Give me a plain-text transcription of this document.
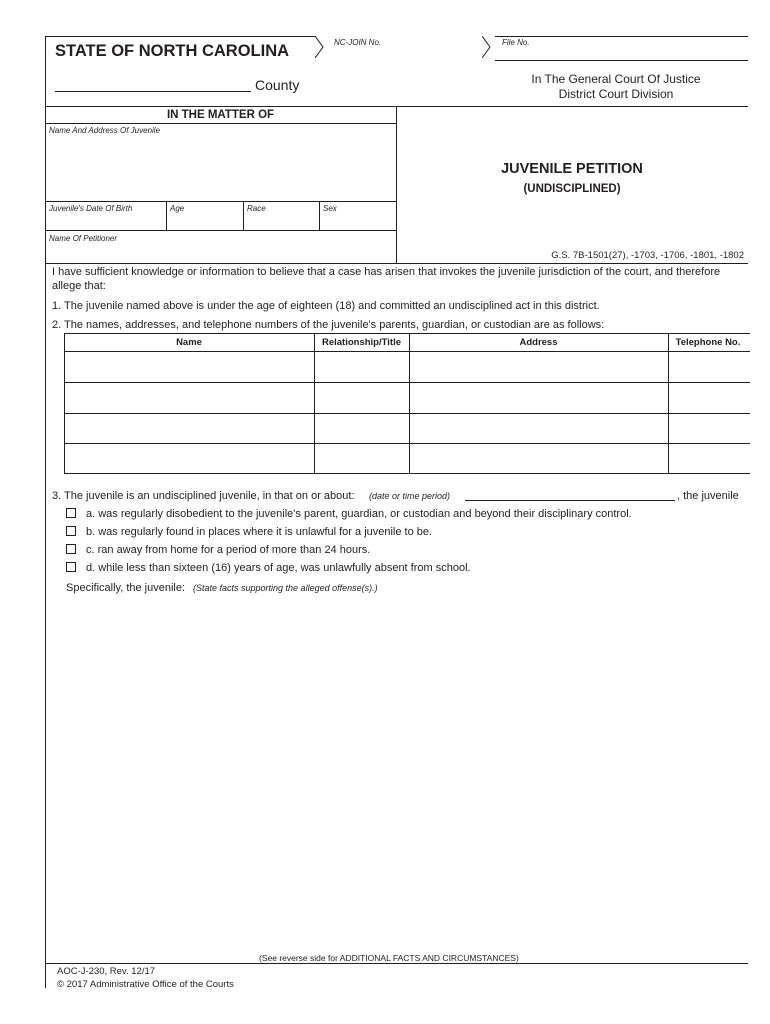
STATE OF NORTH CAROLINA
County
NC-JOIN No.	File No.
In The General Court Of Justice
District Court Division
IN THE MATTER OF
Name And Address Of Juvenile
Juvenile's Date Of Birth	Age	Race	Sex
Name Of Petitioner
JUVENILE PETITION
(UNDISCIPLINED)
G.S. 7B-1501(27), -1703, -1706, -1801, -1802
I have sufficient knowledge or information to believe that a case has arisen that invokes the juvenile jurisdiction of the court, and therefore allege that:
1. The juvenile named above is under the age of eighteen (18) and committed an undisciplined act in this district.
2. The names, addresses, and telephone numbers of the juvenile's parents, guardian, or custodian are as follows:
Name	Relationship/Title	Address	Telephone No.
3. The juvenile is an undisciplined juvenile, in that on or about: (date or time period)	, the juvenile
a. was regularly disobedient to the juvenile's parent, guardian, or custodian and beyond their disciplinary control.
b. was regularly found in places where it is unlawful for a juvenile to be.
c. ran away from home for a period of more than 24 hours.
d. while less than sixteen (16) years of age, was unlawfully absent from school.
Specifically, the juvenile: (State facts supporting the alleged offense(s).)
(See reverse side for ADDITIONAL FACTS AND CIRCUMSTANCES)
AOC-J-230, Rev. 12/17
© 2017 Administrative Office of the Courts
